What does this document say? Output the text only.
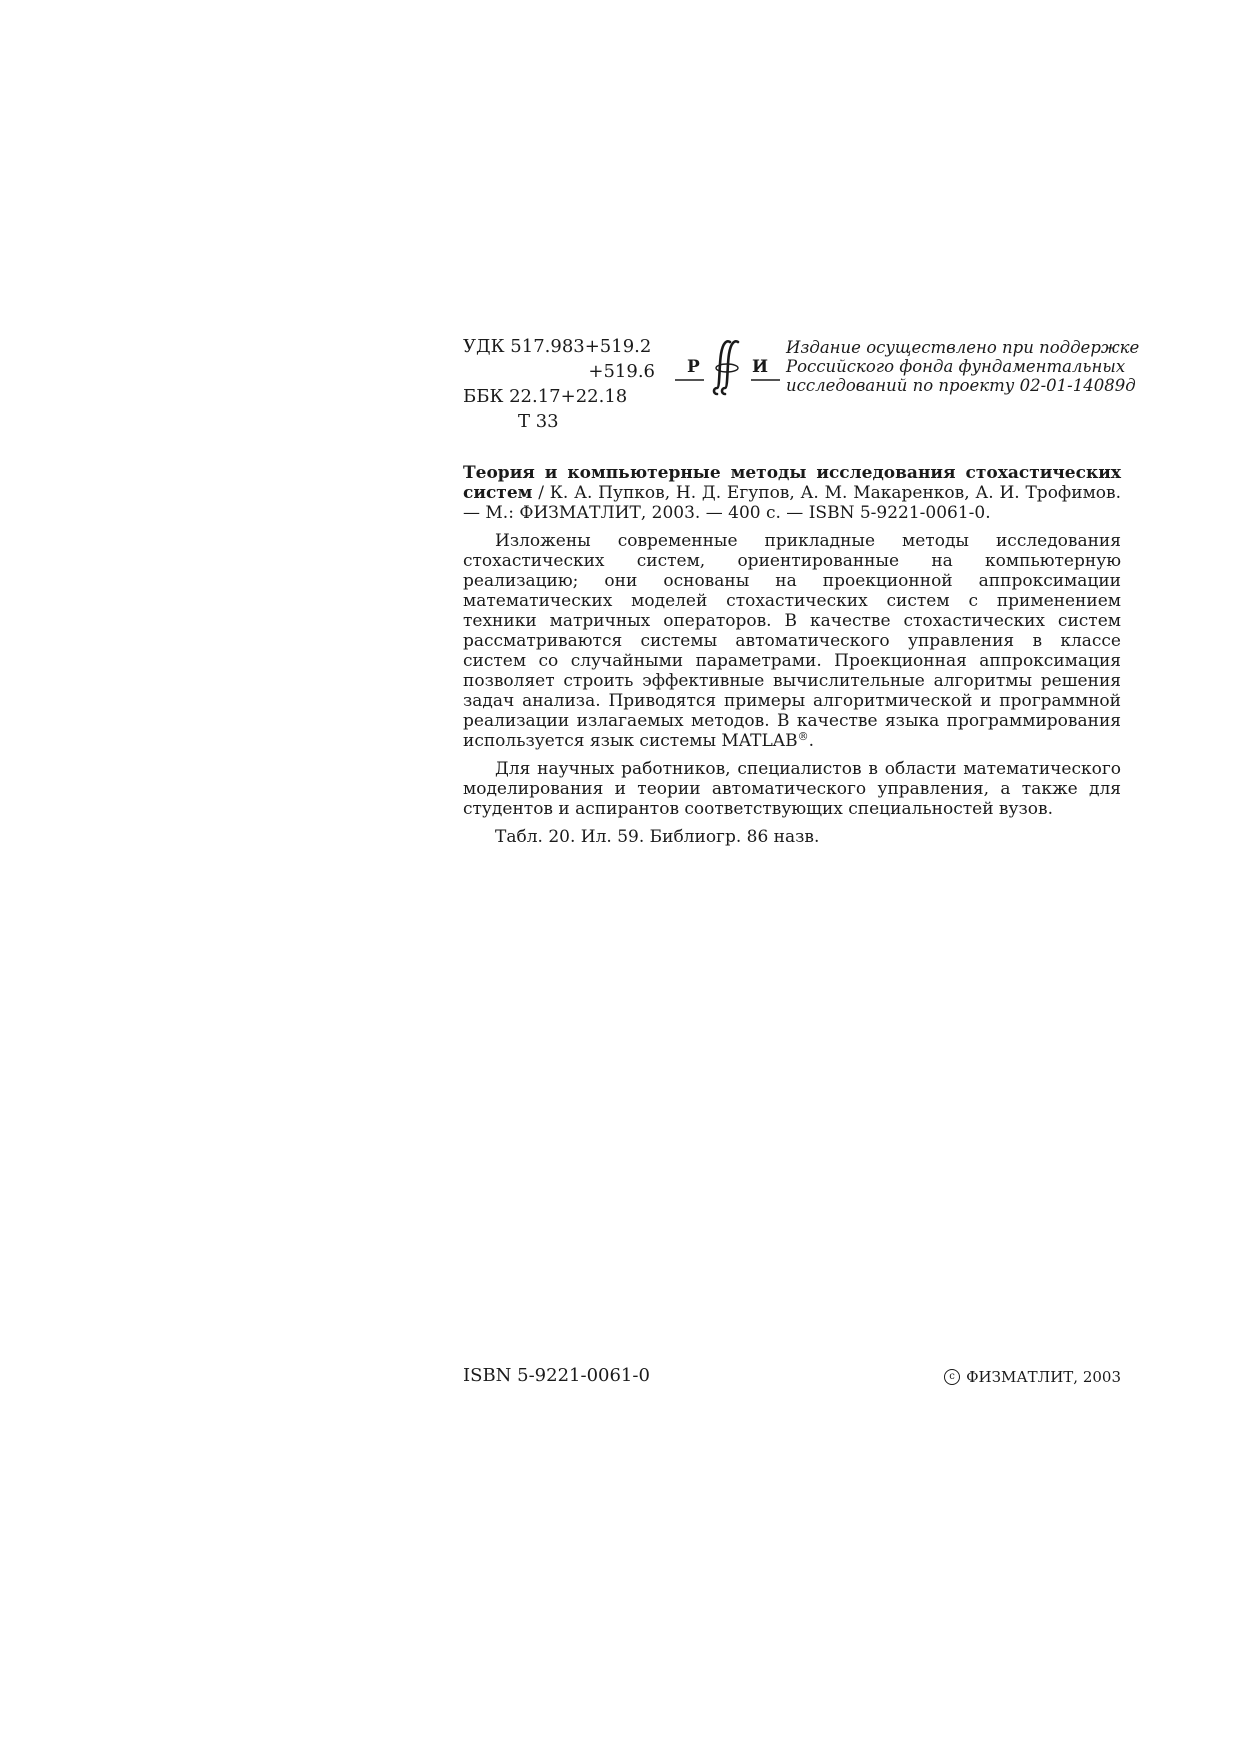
УДК 517.983+519.2
+519.6
ББК 22.17+22.18
Т 33
Р	И
Издание осуществлено при поддержке
Российского фонда фундаментальных
исследований по проекту 02-01-14089д

Теория и компьютерные методы исследования стохастических систем / К. А. Пупков, Н. Д. Егупов, А. М. Макаренков, А. И. Трофимов. — М.: ФИЗМАТЛИТ, 2003. — 400 с. — ISBN 5-9221-0061-0.

Изложены современные прикладные методы исследования стохастических систем, ориентированные на компьютерную реализацию; они основаны на проекционной аппроксимации математических моделей стохастических систем с применением техники матричных операторов. В качестве стохастических систем рассматриваются системы автоматического управления в классе систем со случайными параметрами. Проекционная аппроксимация позволяет строить эффективные вычислительные алгоритмы решения задач анализа. Приводятся примеры алгоритмической и программной реализации излагаемых методов. В качестве языка программирования используется язык системы MATLAB®.

Для научных работников, специалистов в области математического моделирования и теории автоматического управления, а также для студентов и аспирантов соответствующих специальностей вузов.

Табл. 20. Ил. 59. Библиогр. 86 назв.

ISBN 5-9221-0061-0	c ФИЗМАТЛИТ, 2003
